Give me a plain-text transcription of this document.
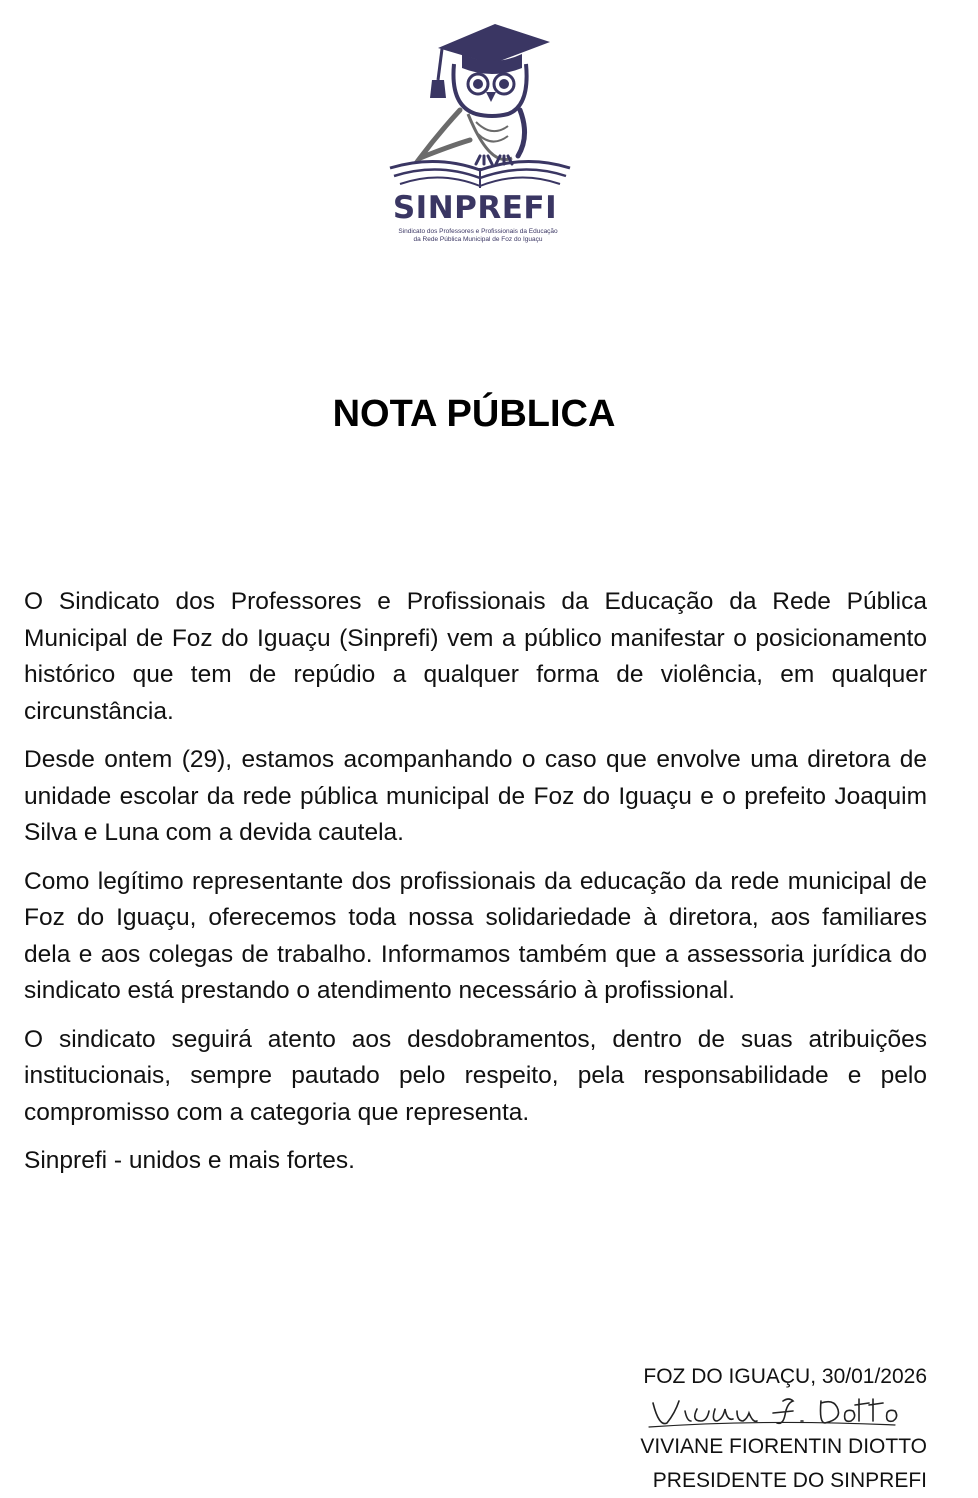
SINPREFI
Sindicato dos Professores e Profissionais da Educação
da Rede Pública Municipal de Foz do Iguaçu
NOTA PÚBLICA

O Sindicato dos Professores e Profissionais da Educação da Rede Pública Municipal de Foz do Iguaçu (Sinprefi) vem a público manifestar o posicionamento histórico que tem de repúdio a qualquer forma de violência, em qualquer circunstância.

Desde ontem (29), estamos acompanhando o caso que envolve uma diretora de unidade escolar da rede pública municipal de Foz do Iguaçu e o prefeito Joaquim Silva e Luna com a devida cautela.

Como legítimo representante dos profissionais da educação da rede municipal de Foz do Iguaçu, oferecemos toda nossa solidariedade à diretora, aos familiares dela e aos colegas de trabalho. Informamos também que a assessoria jurídica do sindicato está prestando o atendimento necessário à profissional.

O sindicato seguirá atento aos desdobramentos, dentro de suas atribuições institucionais, sempre pautado pelo respeito, pela responsabilidade e pelo compromisso com a categoria que representa.

Sinprefi - unidos e mais fortes.

FOZ DO IGUAÇU, 30/01/2026
VIVIANE FIORENTIN DIOTTO
PRESIDENTE DO SINPREFI
